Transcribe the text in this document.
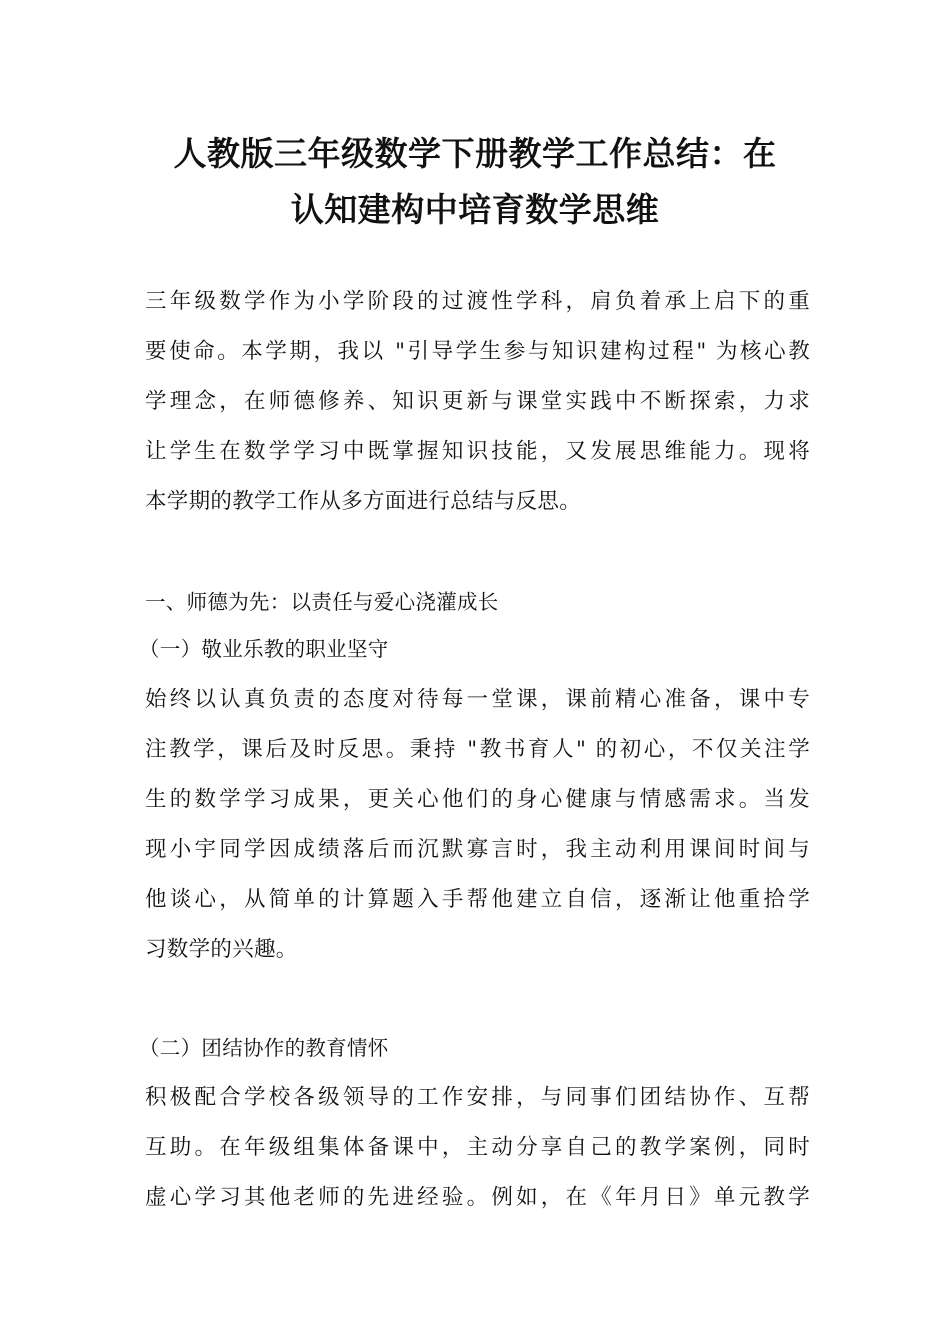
人教版三年级数学下册教学工作总结：在
认知建构中培育数学思维
三年级数学作为小学阶段的过渡性学科，肩负着承上启下的重
要使命。本学期，我以 "引导学生参与知识建构过程" 为核心教
学理念，在师德修养、知识更新与课堂实践中不断探索，力求
让学生在数学学习中既掌握知识技能，又发展思维能力。现将
本学期的教学工作从多方面进行总结与反思。
一、师德为先：以责任与爱心浇灌成长
（一）敬业乐教的职业坚守
始终以认真负责的态度对待每一堂课，课前精心准备，课中专
注教学，课后及时反思。秉持 "教书育人" 的初心，不仅关注学
生的数学学习成果，更关心他们的身心健康与情感需求。当发
现小宇同学因成绩落后而沉默寡言时，我主动利用课间时间与
他谈心，从简单的计算题入手帮他建立自信，逐渐让他重拾学
习数学的兴趣。
（二）团结协作的教育情怀
积极配合学校各级领导的工作安排，与同事们团结协作、互帮
互助。在年级组集体备课中，主动分享自己的教学案例，同时
虚心学习其他老师的先进经验。例如，在《年月日》单元教学
